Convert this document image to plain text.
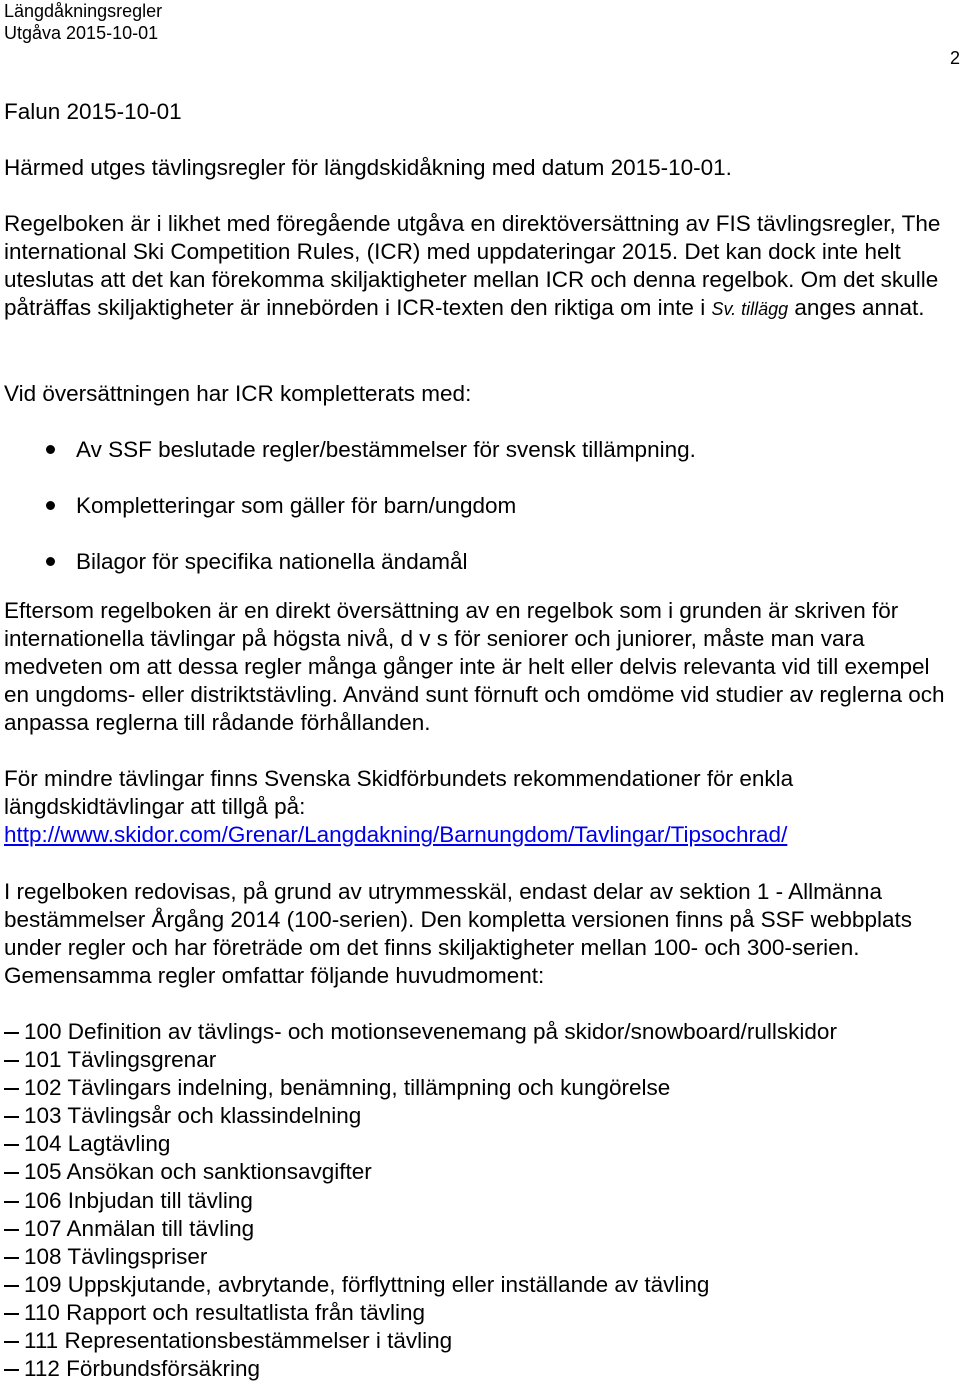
Längdåkningsregler
Utgåva 2015-10-01
2
Falun 2015-10-01
Härmed utges tävlingsregler för längdskidåkning med datum 2015-10-01.

Regelboken är i likhet med föregående utgåva en direktöversättning av FIS tävlingsregler, The international Ski Competition Rules, (ICR) med uppdateringar 2015. Det kan dock inte helt uteslutas att det kan förekomma skiljaktigheter mellan ICR och denna regelbok. Om det skulle påträffas skiljaktigheter är innebörden i ICR-texten den riktiga om inte i Sv. tillägg anges annat.

Vid översättningen har ICR kompletterats med:
Av SSF beslutade regler/bestämmelser för svensk tillämpning.
Kompletteringar som gäller för barn/ungdom
Bilagor för specifika nationella ändamål
Eftersom regelboken är en direkt översättning av en regelbok som i grunden är skriven för internationella tävlingar på högsta nivå, d v s för seniorer och juniorer, måste man vara medveten om att dessa regler många gånger inte är helt eller delvis relevanta vid till exempel en ungdoms- eller distriktstävling. Använd sunt förnuft och omdöme vid studier av reglerna och anpassa reglerna till rådande förhållanden.

För mindre tävlingar finns Svenska Skidförbundets rekommendationer för enkla längdskidtävlingar att tillgå på:

http://www.skidor.com/Grenar/Langdakning/Barnungdom/Tavlingar/Tipsochrad/
I regelboken redovisas, på grund av utrymmesskäl, endast delar av sektion 1 - Allmänna bestämmelser Årgång 2014 (100-serien). Den kompletta versionen finns på SSF webbplats under regler och har företräde om det finns skiljaktigheter mellan 100- och 300-serien. Gemensamma regler omfattar följande huvudmoment:
100 Definition av tävlings- och motionsevenemang på skidor/snowboard/rullskidor
101 Tävlingsgrenar
102 Tävlingars indelning, benämning, tillämpning och kungörelse
103 Tävlingsår och klassindelning
104 Lagtävling
105 Ansökan och sanktionsavgifter
106 Inbjudan till tävling
107 Anmälan till tävling
108 Tävlingspriser
109 Uppskjutande, avbrytande, förflyttning eller inställande av tävling
110 Rapport och resultatlista från tävling
111 Representationsbestämmelser i tävling
112 Förbundsförsäkring
